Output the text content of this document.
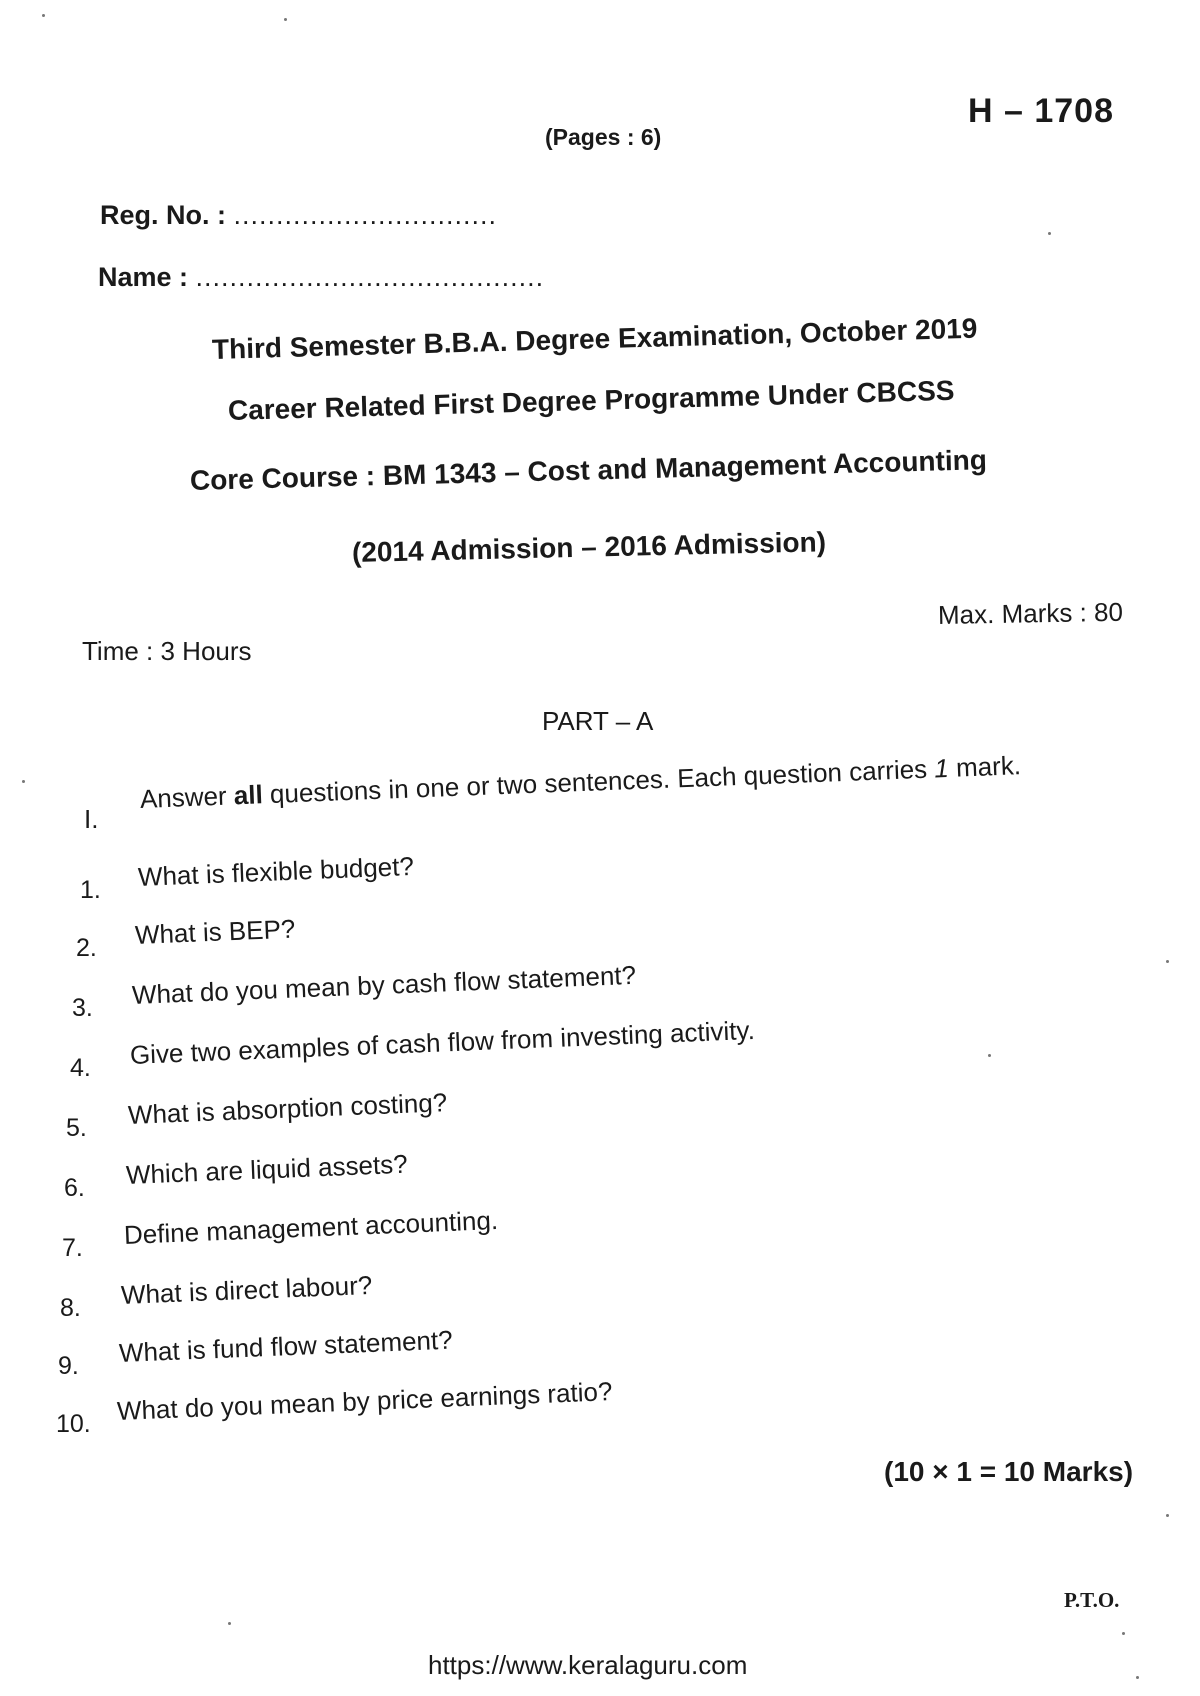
H – 1708
(Pages : 6)
Reg. No. : ...............................
Name : .........................................
Third Semester B.B.A. Degree Examination, October 2019
Career Related First Degree Programme Under CBCSS
Core Course : BM 1343 – Cost and Management Accounting
(2014 Admission – 2016 Admission)
Max. Marks : 80
Time : 3 Hours
PART – A
I.
Answer all questions in one or two sentences. Each question carries 1 mark.
1. What is flexible budget?
2. What is BEP?
3. What do you mean by cash flow statement?
4. Give two examples of cash flow from investing activity.
5. What is absorption costing?
6. Which are liquid assets?
7. Define management accounting.
8. What is direct labour?
9. What is fund flow statement?
10. What do you mean by price earnings ratio?
(10 × 1 = 10 Marks)
P.T.O.
https://www.keralaguru.com
